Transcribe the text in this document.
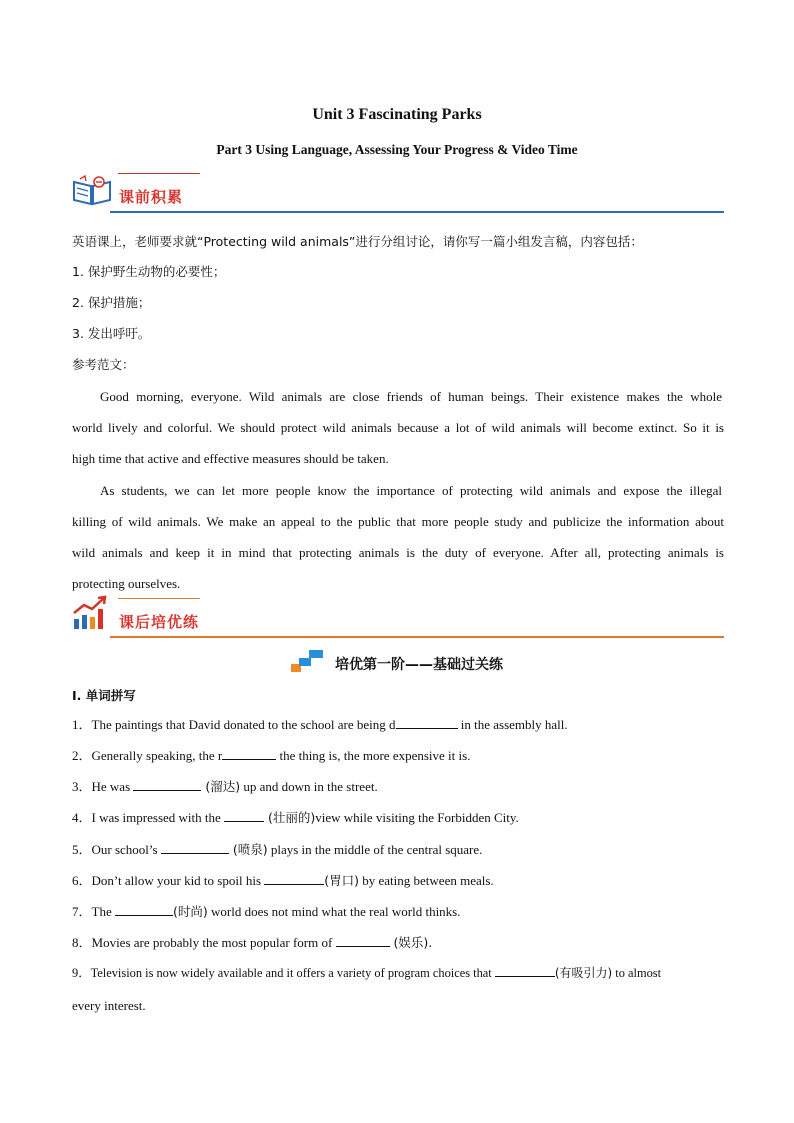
Unit 3 Fascinating Parks
Part 3 Using Language, Assessing Your Progress & Video Time
课前积累
英语课上，老师要求就“Protecting wild animals”进行分组讨论，请你写一篇小组发言稿，内容包括：
1. 保护野生动物的必要性；
2. 保护措施；
3. 发出呼吁。
参考范文：
Good morning, everyone. Wild animals are close friends of human beings. Their existence makes the whole
world lively and colorful. We should protect wild animals because a lot of wild animals will become extinct. So it is
high time that active and effective measures should be taken.
As students, we can let more people know the importance of protecting wild animals and expose the illegal
killing of wild animals. We make an appeal to the public that more people study and publicize the information about
wild animals and keep it in mind that protecting animals is the duty of everyone. After all, protecting animals is
protecting ourselves.
课后培优练
培优第一阶——基础过关练
I. 单词拼写
1．The paintings that David donated to the school are being d	in the assembly hall.
2．Generally speaking, the r	the thing is, the more expensive it is.
3．He was	(溜达) up and down in the street.
4．I was impressed with the	(壮丽的)view while visiting the Forbidden City.
5．Our school’s	(喷泉) plays in the middle of the central square.
6．Don’t allow your kid to spoil his	(胃口) by eating between meals.
7．The	(时尚) world does not mind what the real world thinks.
8．Movies are probably the most popular form of	(娱乐).
9．Television is now widely available and it offers a variety of program choices that	(有吸引力) to almost
every interest.
